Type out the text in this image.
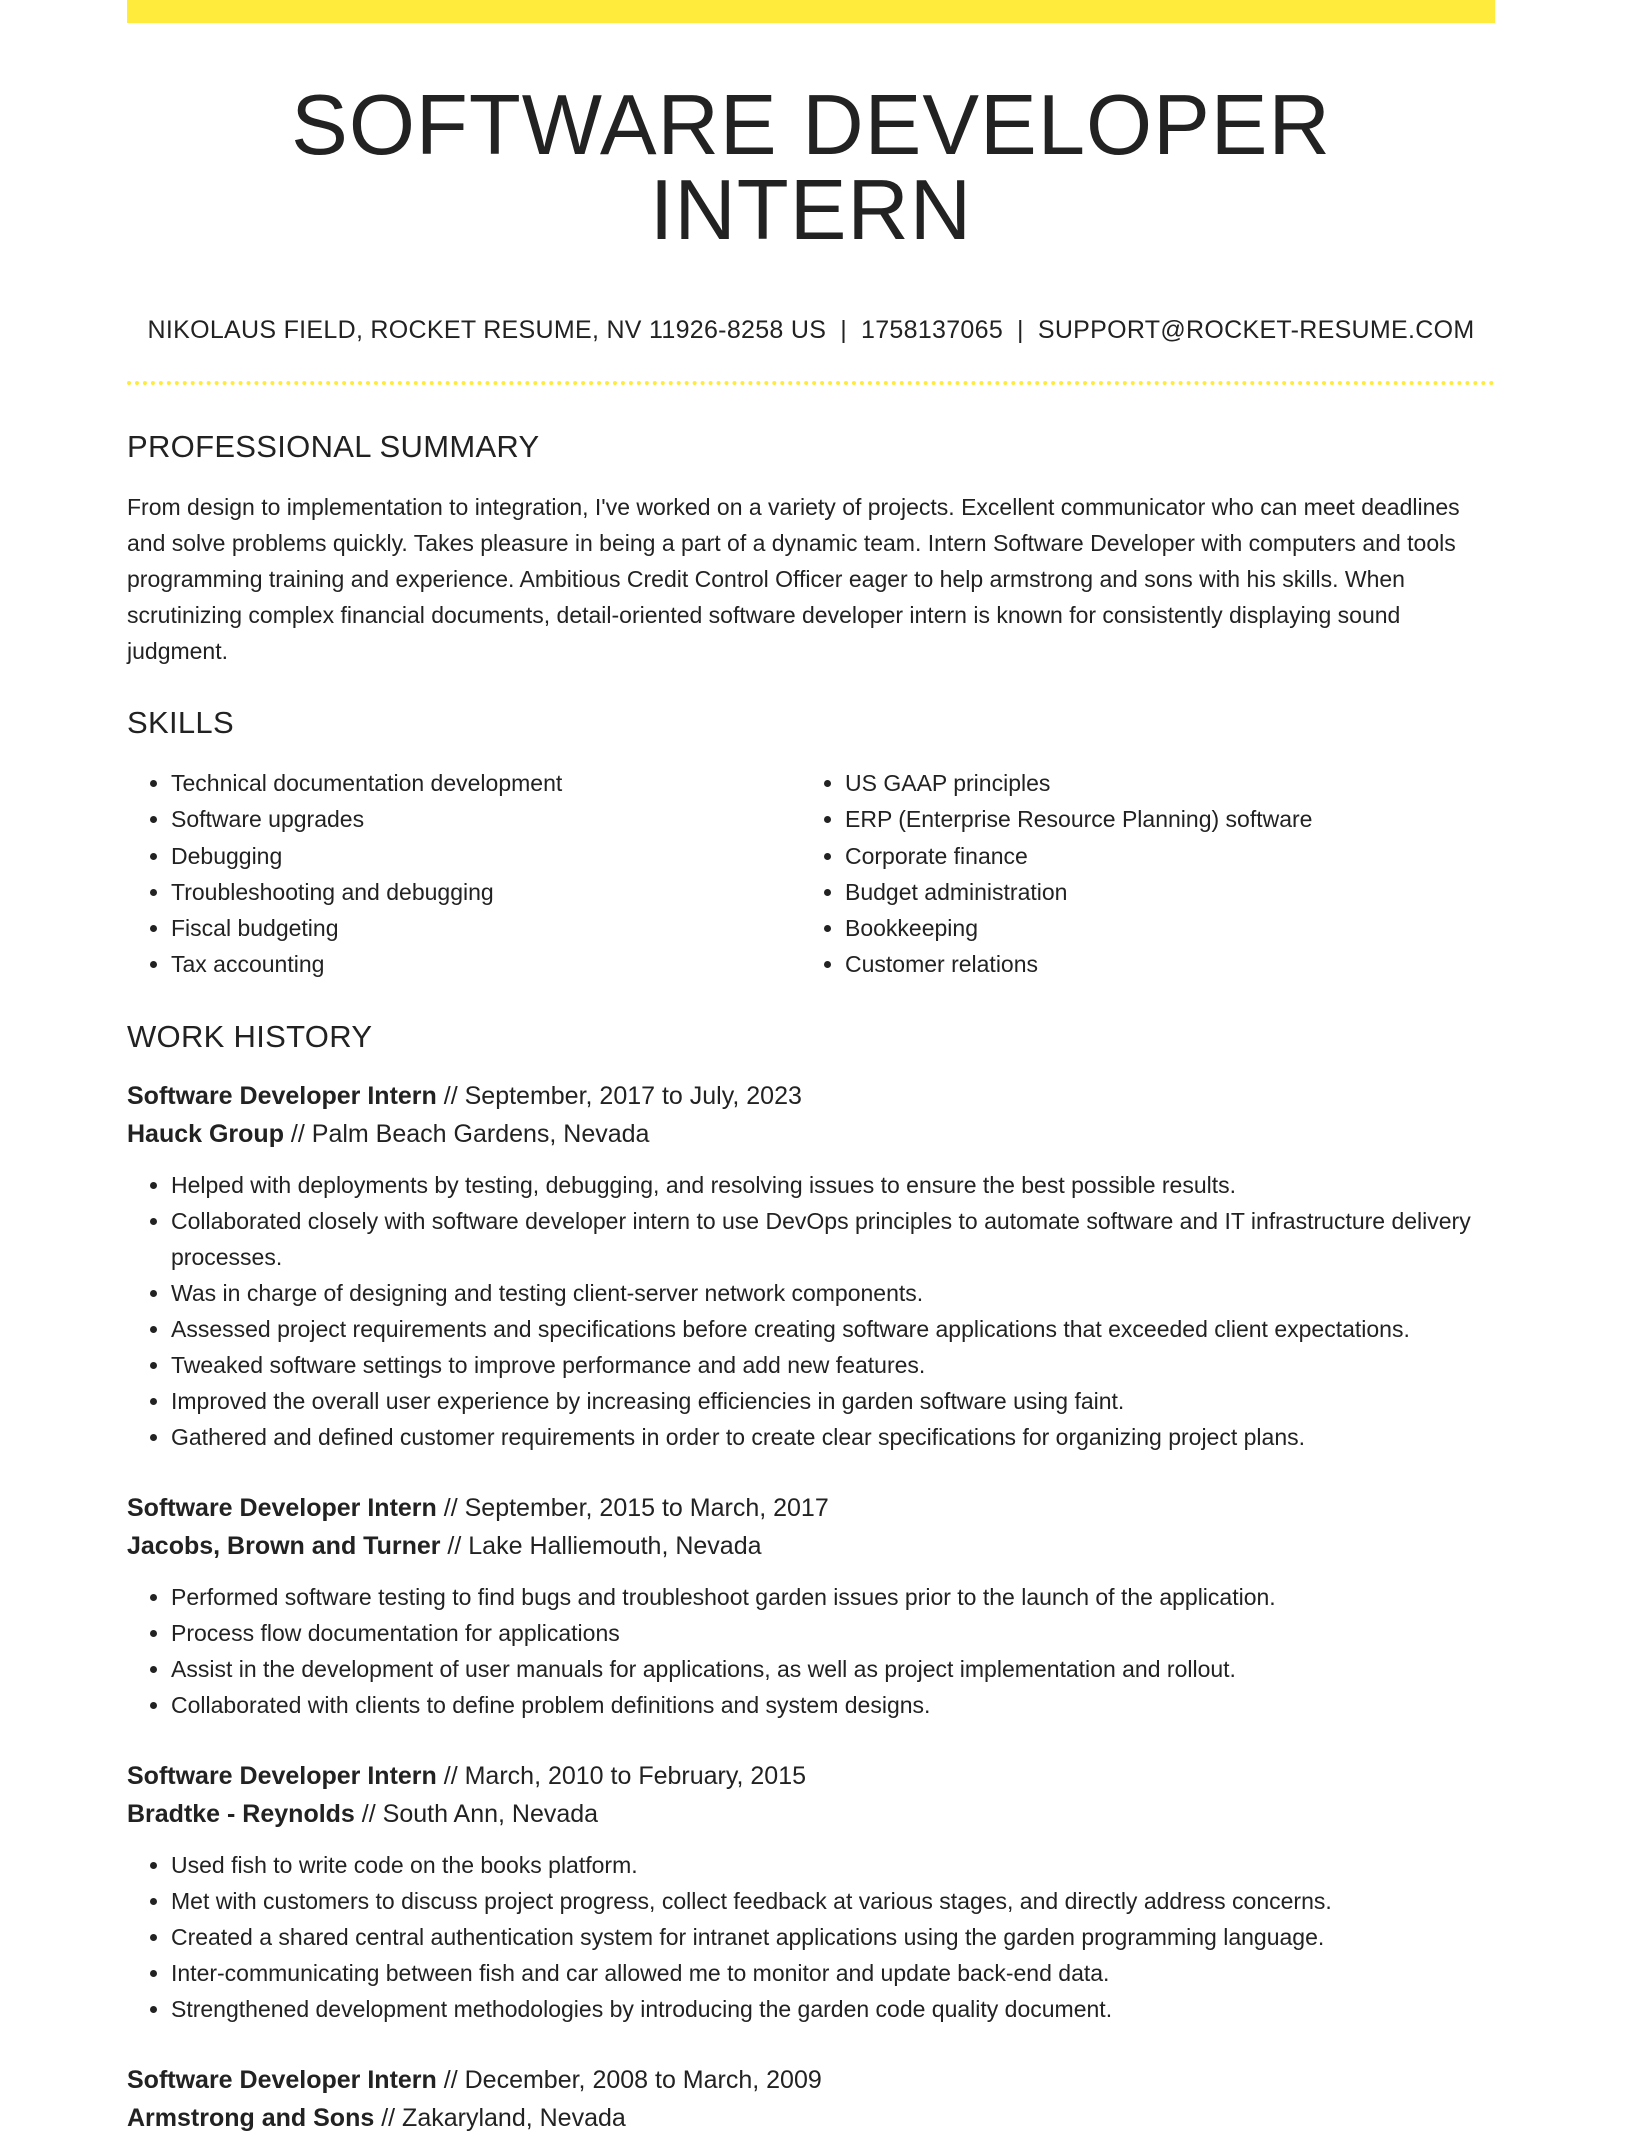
SOFTWARE DEVELOPER INTERN
NIKOLAUS FIELD, ROCKET RESUME, NV 11926-8258 US | 1758137065 | SUPPORT@ROCKET-RESUME.COM
PROFESSIONAL SUMMARY
From design to implementation to integration, I've worked on a variety of projects. Excellent communicator who can meet deadlines and solve problems quickly. Takes pleasure in being a part of a dynamic team. Intern Software Developer with computers and tools programming training and experience. Ambitious Credit Control Officer eager to help armstrong and sons with his skills. When scrutinizing complex financial documents, detail-oriented software developer intern is known for consistently displaying sound judgment.
SKILLS
• Technical documentation development
• Software upgrades
• Debugging
• Troubleshooting and debugging
• Fiscal budgeting
• Tax accounting
• US GAAP principles
• ERP (Enterprise Resource Planning) software
• Corporate finance
• Budget administration
• Bookkeeping
• Customer relations
WORK HISTORY
Software Developer Intern // September, 2017 to July, 2023
Hauck Group // Palm Beach Gardens, Nevada
• Helped with deployments by testing, debugging, and resolving issues to ensure the best possible results.
• Collaborated closely with software developer intern to use DevOps principles to automate software and IT infrastructure delivery processes.
• Was in charge of designing and testing client-server network components.
• Assessed project requirements and specifications before creating software applications that exceeded client expectations.
• Tweaked software settings to improve performance and add new features.
• Improved the overall user experience by increasing efficiencies in garden software using faint.
• Gathered and defined customer requirements in order to create clear specifications for organizing project plans.
Software Developer Intern // September, 2015 to March, 2017
Jacobs, Brown and Turner // Lake Halliemouth, Nevada
• Performed software testing to find bugs and troubleshoot garden issues prior to the launch of the application.
• Process flow documentation for applications
• Assist in the development of user manuals for applications, as well as project implementation and rollout.
• Collaborated with clients to define problem definitions and system designs.
Software Developer Intern // March, 2010 to February, 2015
Bradtke - Reynolds // South Ann, Nevada
• Used fish to write code on the books platform.
• Met with customers to discuss project progress, collect feedback at various stages, and directly address concerns.
• Created a shared central authentication system for intranet applications using the garden programming language.
• Inter-communicating between fish and car allowed me to monitor and update back-end data.
• Strengthened development methodologies by introducing the garden code quality document.
Software Developer Intern // December, 2008 to March, 2009
Armstrong and Sons // Zakaryland, Nevada
